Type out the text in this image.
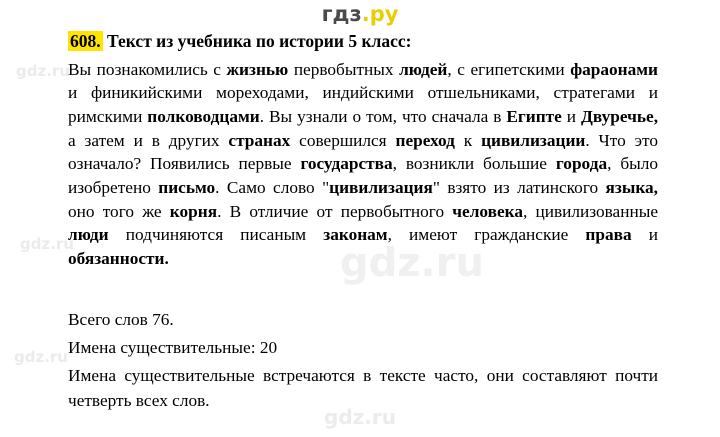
гдз.ру
gdz.ru
gdz.ru
gdz.ru
gdz.ru
gdz.ru
608. Текст из учебника по истории 5 класс:
Вы познакомились с жизнью первобытных людей, с египетскими фараонами и финикийскими мореходами, индийскими отшельниками, стратегами и римскими полководцами. Вы узнали о том, что сначала в Египте и Двуречье, а затем и в других странах совершился переход к цивилизации. Что это означало? Появились первые государства, возникли большие города, было изобретено письмо. Само слово "цивилизация" взято из латинского языка, оно того же корня. В отличие от первобытного человека, цивилизованные люди подчиняются писаным законам, имеют гражданские права и обязанности.
Всего слов 76.
Имена существительные: 20
Имена существительные встречаются в тексте часто, они составляют почти четверть всех слов.
